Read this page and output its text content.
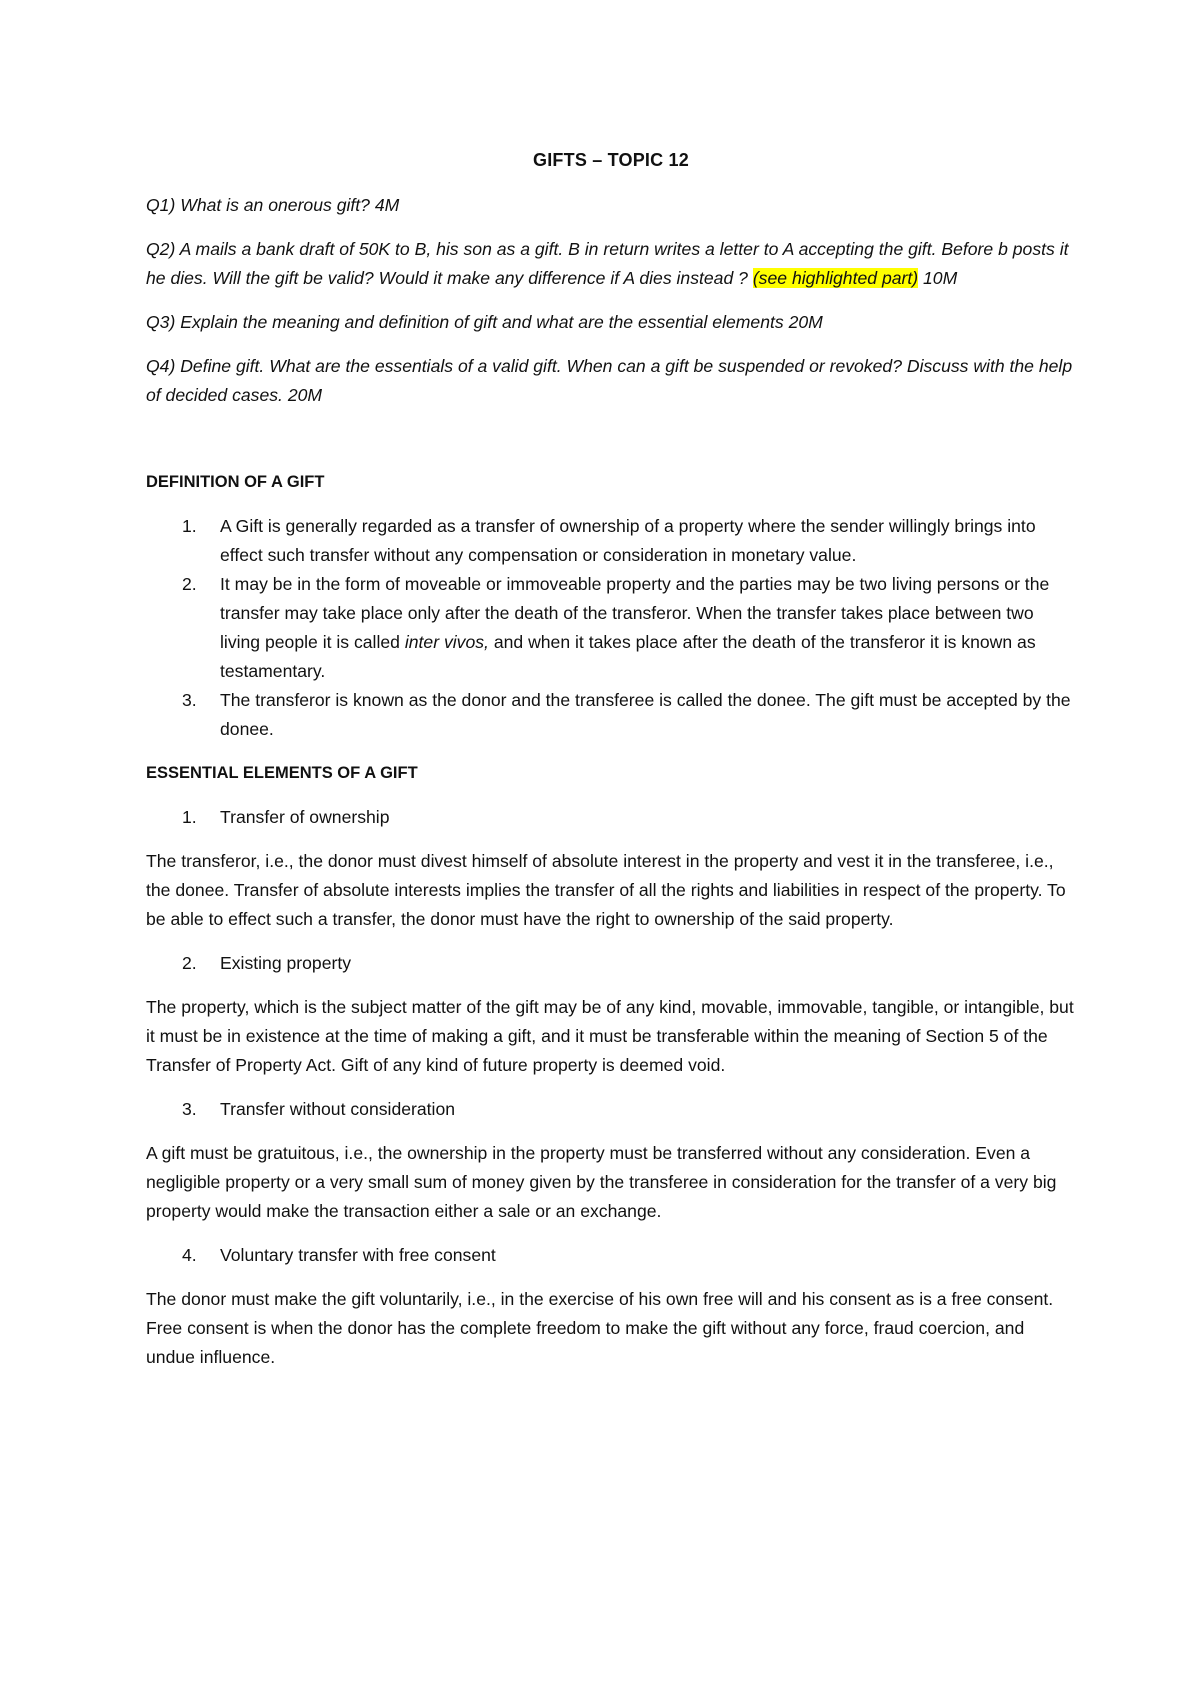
GIFTS – TOPIC 12

Q1) What is an onerous gift? 4M

Q2) A mails a bank draft of 50K to B, his son as a gift. B in return writes a letter to A accepting the gift. Before b posts it he dies. Will the gift be valid? Would it make any difference if A dies instead ? (see highlighted part) 10M

Q3) Explain the meaning and definition of gift and what are the essential elements 20M

Q4) Define gift. What are the essentials of a valid gift. When can a gift be suspended or revoked? Discuss with the help of decided cases. 20M

DEFINITION OF A GIFT
1. A Gift is generally regarded as a transfer of ownership of a property where the sender willingly brings into effect such transfer without any compensation or consideration in monetary value.
2. It may be in the form of moveable or immoveable property and the parties may be two living persons or the transfer may take place only after the death of the transferor. When the transfer takes place between two living people it is called inter vivos, and when it takes place after the death of the transferor it is known as testamentary.
3. The transferor is known as the donor and the transferee is called the donee. The gift must be accepted by the donee.
ESSENTIAL ELEMENTS OF A GIFT
1. Transfer of ownership

The transferor, i.e., the donor must divest himself of absolute interest in the property and vest it in the transferee, i.e., the donee. Transfer of absolute interests implies the transfer of all the rights and liabilities in respect of the property. To be able to effect such a transfer, the donor must have the right to ownership of the said property.

2. Existing property

The property, which is the subject matter of the gift may be of any kind, movable, immovable, tangible, or intangible, but it must be in existence at the time of making a gift, and it must be transferable within the meaning of Section 5 of the Transfer of Property Act. Gift of any kind of future property is deemed void.

3. Transfer without consideration

A gift must be gratuitous, i.e., the ownership in the property must be transferred without any consideration. Even a negligible property or a very small sum of money given by the transferee in consideration for the transfer of a very big property would make the transaction either a sale or an exchange.

4. Voluntary transfer with free consent

The donor must make the gift voluntarily, i.e., in the exercise of his own free will and his consent as is a free consent. Free consent is when the donor has the complete freedom to make the gift without any force, fraud coercion, and undue influence.
